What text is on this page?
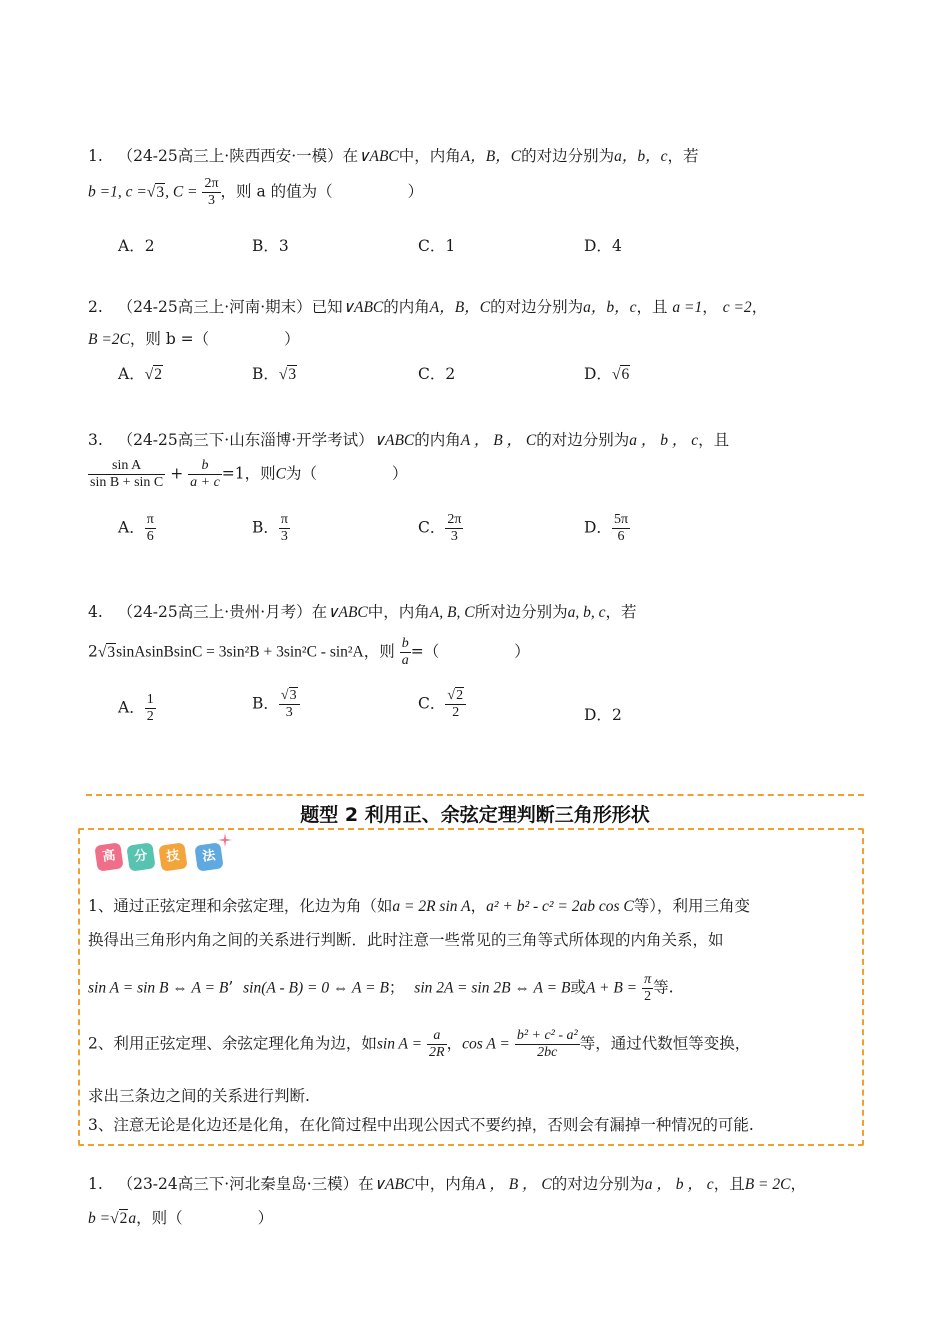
1. （24-25高三上·陕西西安·一模）在∨ABC中，内角A，B，C的对边分别为a，b，c，若
b =1, c =√3, $C = \frac{2\pi}{3}$ ，则 a 的值为（	）
A．2	B．3	C．1	D．4
2. （24-25高三上·河南·期末）已知∨ABC的内角A，B，C的对边分别为a，b，c，且 a =1， c =2，
B =2C，则 b =（	）
A．√2	B．√3	C．2	D．√6
3. （24-25高三下·山东淄博·开学考试）∨ABC的内角A ， B ， C的对边分别为a ， b ， c，且
$\frac{\text{sin A}}{\text{sin B + sin C}} + \frac{b}{a + c} =1$，则C为（	）
A． $\frac{\pi}{6}$	B． $\frac{\pi}{3}$	C． $\frac{2\pi}{3}$	D． $\frac{5\pi}{6}$
4. （24-25高三上·贵州·月考）在∨ABC中，内角A, B, C所对边分别为a, b, c，若
2√3sinAsinBsinC = 3sin²B + 3sin²C - sin²A，则 $\frac{b}{a}$ =（	）
A． $\frac{1}{2}$	B． $\frac{√3}{3}$	C． $\frac{√2}{2}$	D．2
题型 2 利用正、余弦定理判断三角形形状
高	分	技	法
1、通过正弦定理和余弦定理，化边为角（如a = 2R sin A，a² + b² - c² = 2ab cos C等），利用三角变
换得出三角形内角之间的关系进行判断．此时注意一些常见的三角等式所体现的内角关系，如
sin A = sin B ⇔ A = B’  sin(A - B) = 0 ⇔ A = B；  sin 2A = sin 2B ⇔ A = B或$A + B = \frac{\pi}{2}$ 等.
2、利用正弦定理、余弦定理化角为边，如$\sin A = \frac{a}{2R}$ ，$\cos A = \frac{\text{b² + c² - a²}}{2bc}$ 等，通过代数恒等变换，
求出三条边之间的关系进行判断.
3、注意无论是化边还是化角，在化简过程中出现公因式不要约掉，否则会有漏掉一种情况的可能.
1. （23-24高三下·河北秦皇岛·三模）在∨ABC中，内角A ， B ， C的对边分别为a ， b ， c，且B = 2C，
b =√2a，则（	）
